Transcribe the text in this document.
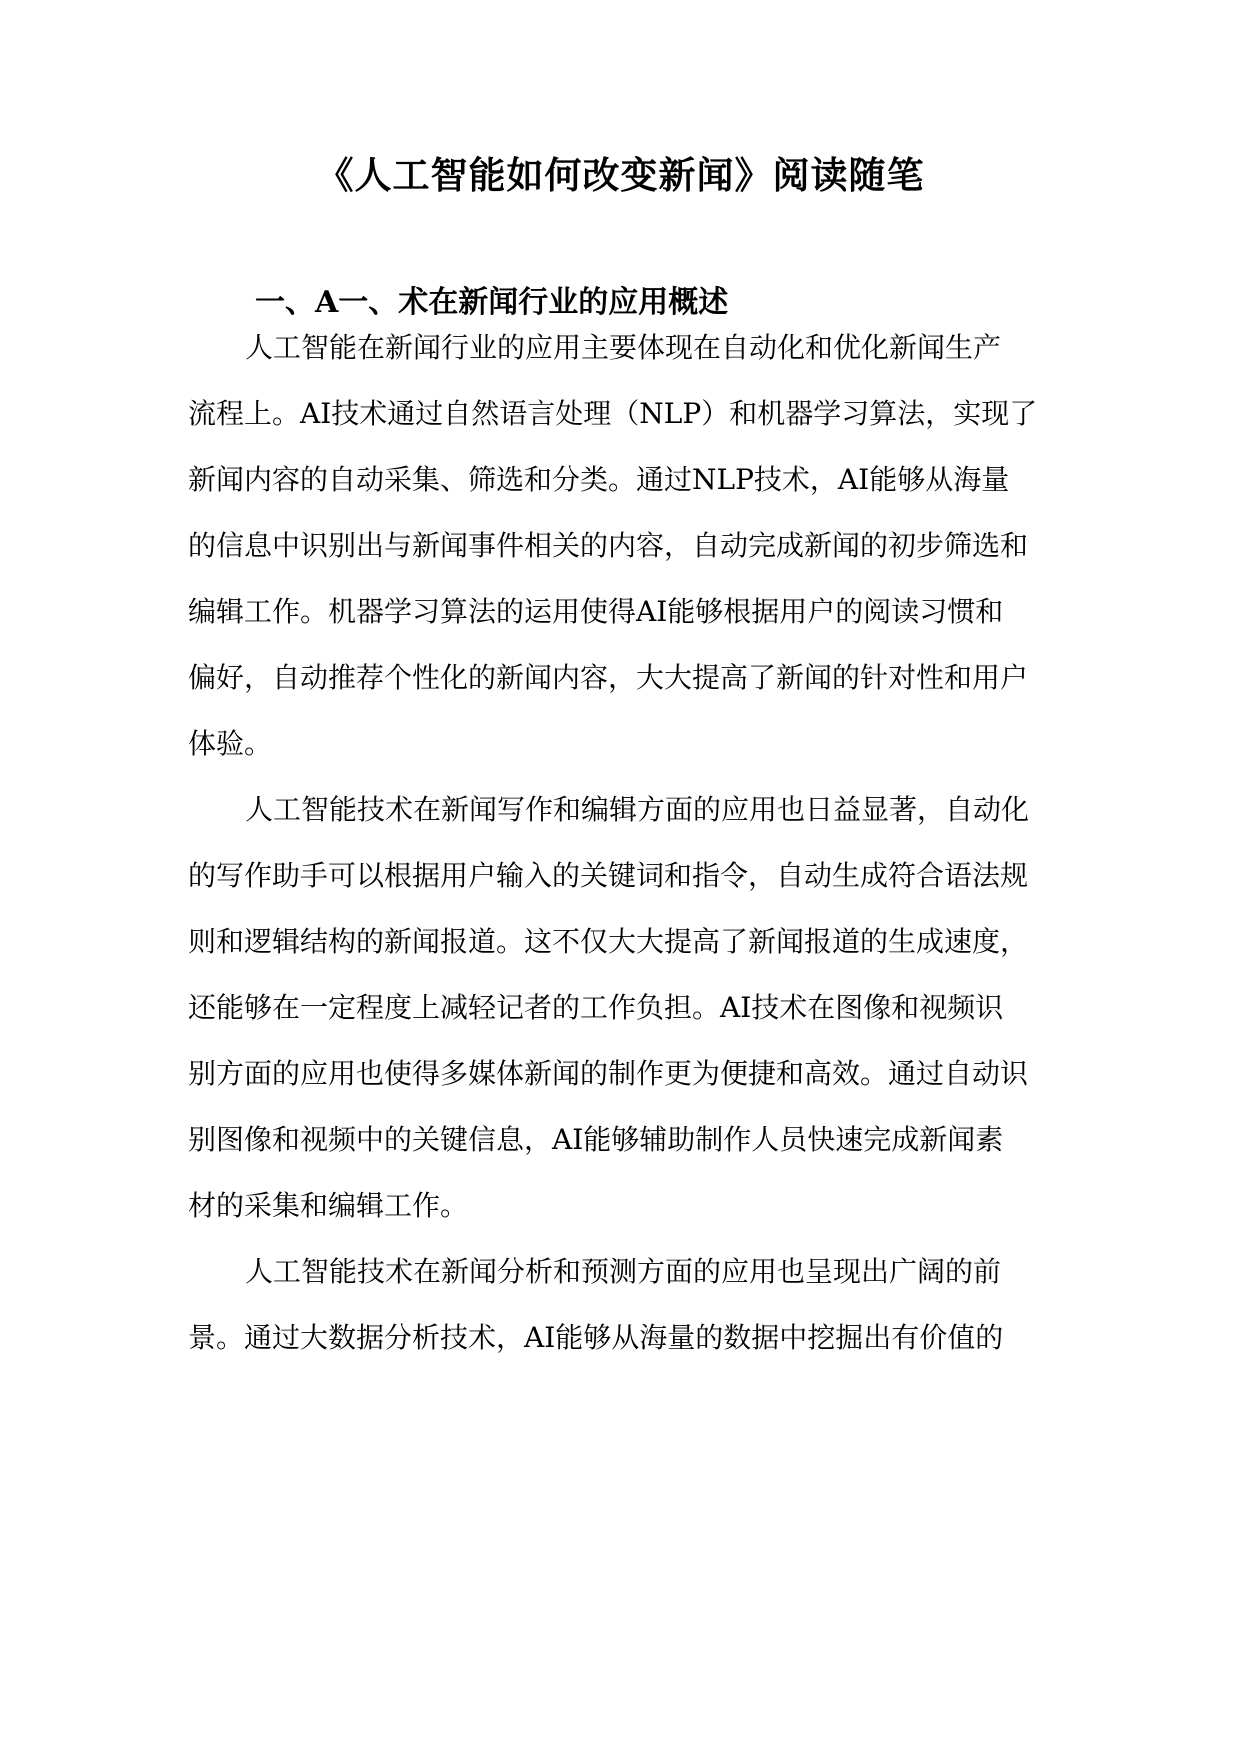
《人工智能如何改变新闻》阅读随笔
一、A一、术在新闻行业的应用概述

人工智能在新闻行业的应用主要体现在自动化和优化新闻生产

流程上。AI技术通过自然语言处理（NLP）和机器学习算法，实现了

新闻内容的自动采集、筛选和分类。通过NLP技术，AI能够从海量

的信息中识别出与新闻事件相关的内容，自动完成新闻的初步筛选和

编辑工作。机器学习算法的运用使得AI能够根据用户的阅读习惯和

偏好，自动推荐个性化的新闻内容，大大提高了新闻的针对性和用户

体验。

人工智能技术在新闻写作和编辑方面的应用也日益显著，自动化

的写作助手可以根据用户输入的关键词和指令，自动生成符合语法规

则和逻辑结构的新闻报道。这不仅大大提高了新闻报道的生成速度，

还能够在一定程度上减轻记者的工作负担。AI技术在图像和视频识

别方面的应用也使得多媒体新闻的制作更为便捷和高效。通过自动识

别图像和视频中的关键信息，AI能够辅助制作人员快速完成新闻素

材的采集和编辑工作。

人工智能技术在新闻分析和预测方面的应用也呈现出广阔的前

景。通过大数据分析技术，AI能够从海量的数据中挖掘出有价值的
